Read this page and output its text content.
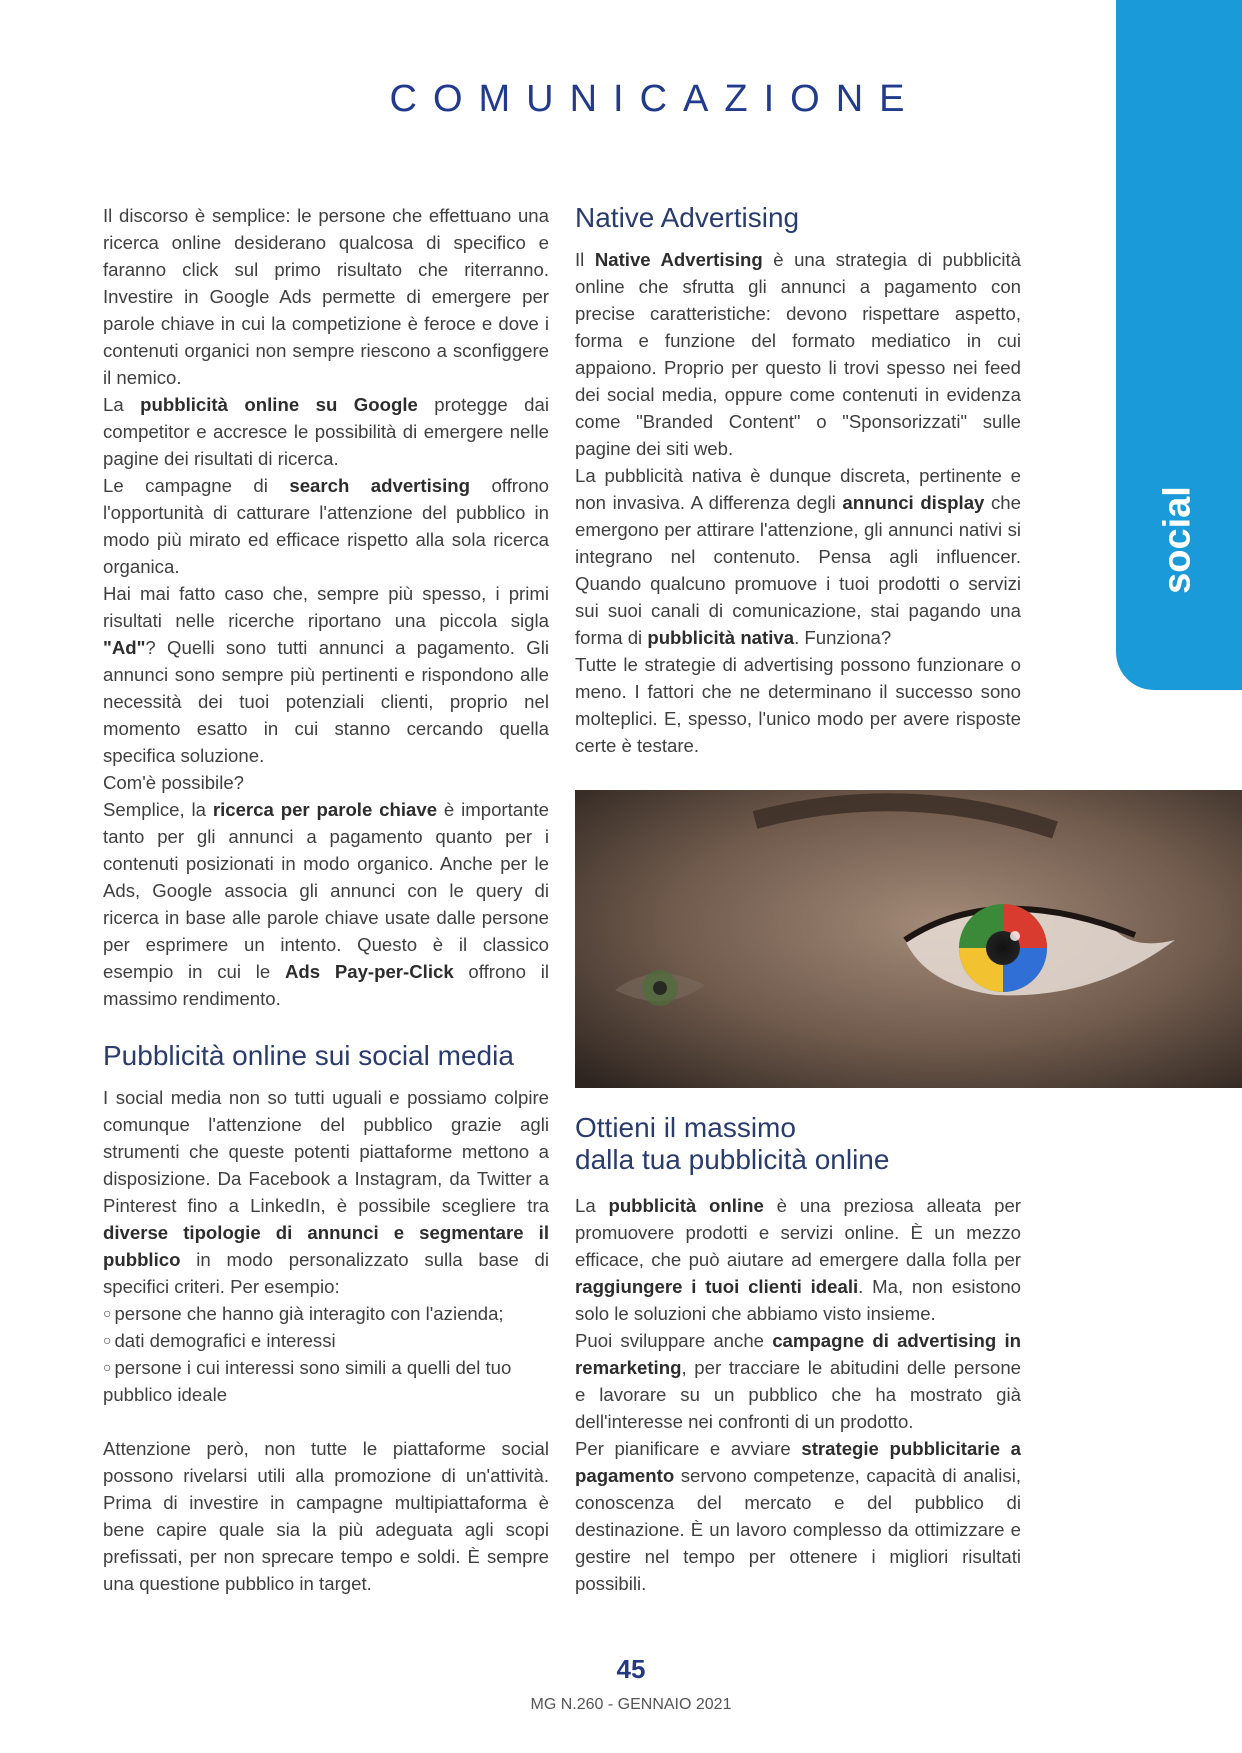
COMUNICAZIONE
social

Il discorso è semplice: le persone che effettuano una ricerca online desiderano qualcosa di specifico e faranno click sul primo risultato che riterranno. Investire in Google Ads permette di emergere per parole chiave in cui la competizione è feroce e dove i contenuti organici non sempre riescono a sconfiggere il nemico.

La pubblicità online su Google protegge dai competitor e accresce le possibilità di emergere nelle pagine dei risultati di ricerca.

Le campagne di search advertising offrono l'opportunità di catturare l'attenzione del pubblico in modo più mirato ed efficace rispetto alla sola ricerca organica.

Hai mai fatto caso che, sempre più spesso, i primi risultati nelle ricerche riportano una piccola sigla "Ad"? Quelli sono tutti annunci a pagamento. Gli annunci sono sempre più pertinenti e rispondono alle necessità dei tuoi potenziali clienti, proprio nel momento esatto in cui stanno cercando quella specifica soluzione.

Com'è possibile?

Semplice, la ricerca per parole chiave è importante tanto per gli annunci a pagamento quanto per i contenuti posizionati in modo organico. Anche per le Ads, Google associa gli annunci con le query di ricerca in base alle parole chiave usate dalle persone per esprimere un intento. Questo è il classico esempio in cui le Ads Pay-per-Click offrono il massimo rendimento.

Pubblicità online sui social media

I social media non so tutti uguali e possiamo colpire comunque l'attenzione del pubblico grazie agli strumenti che queste potenti piattaforme mettono a disposizione. Da Facebook a Instagram, da Twitter a Pinterest fino a LinkedIn, è possibile scegliere tra diverse tipologie di annunci e segmentare il pubblico in modo personalizzato sulla base di specifici criteri. Per esempio:

○ persone che hanno già interagito con l'azienda;
○ dati demografici e interessi
○ persone i cui interessi sono simili a quelli del tuo pubblico ideale

Attenzione però, non tutte le piattaforme social possono rivelarsi utili alla promozione di un'attività. Prima di investire in campagne multipiattaforma è bene capire quale sia la più adeguata agli scopi prefissati, per non sprecare tempo e soldi. È sempre una questione pubblico in target.

Native Advertising

Il Native Advertising è una strategia di pubblicità online che sfrutta gli annunci a pagamento con precise caratteristiche: devono rispettare aspetto, forma e funzione del formato mediatico in cui appaiono. Proprio per questo li trovi spesso nei feed dei social media, oppure come contenuti in evidenza come "Branded Content" o "Sponsorizzati" sulle pagine dei siti web.

La pubblicità nativa è dunque discreta, pertinente e non invasiva. A differenza degli annunci display che emergono per attirare l'attenzione, gli annunci nativi si integrano nel contenuto. Pensa agli influencer. Quando qualcuno promuove i tuoi prodotti o servizi sui suoi canali di comunicazione, stai pagando una forma di pubblicità nativa. Funziona?

Tutte le strategie di advertising possono funzionare o meno. I fattori che ne determinano il successo sono molteplici. E, spesso, l'unico modo per avere risposte certe è testare.

Ottieni il massimo
dalla tua pubblicità online

La pubblicità online è una preziosa alleata per promuovere prodotti e servizi online. È un mezzo efficace, che può aiutare ad emergere dalla folla per raggiungere i tuoi clienti ideali. Ma, non esistono solo le soluzioni che abbiamo visto insieme.

Puoi sviluppare anche campagne di advertising in remarketing, per tracciare le abitudini delle persone e lavorare su un pubblico che ha mostrato già dell'interesse nei confronti di un prodotto.

Per pianificare e avviare strategie pubblicitarie a pagamento servono competenze, capacità di analisi, conoscenza del mercato e del pubblico di destinazione. È un lavoro complesso da ottimizzare e gestire nel tempo per ottenere i migliori risultati possibili.

45
MG N.260 - GENNAIO 2021
